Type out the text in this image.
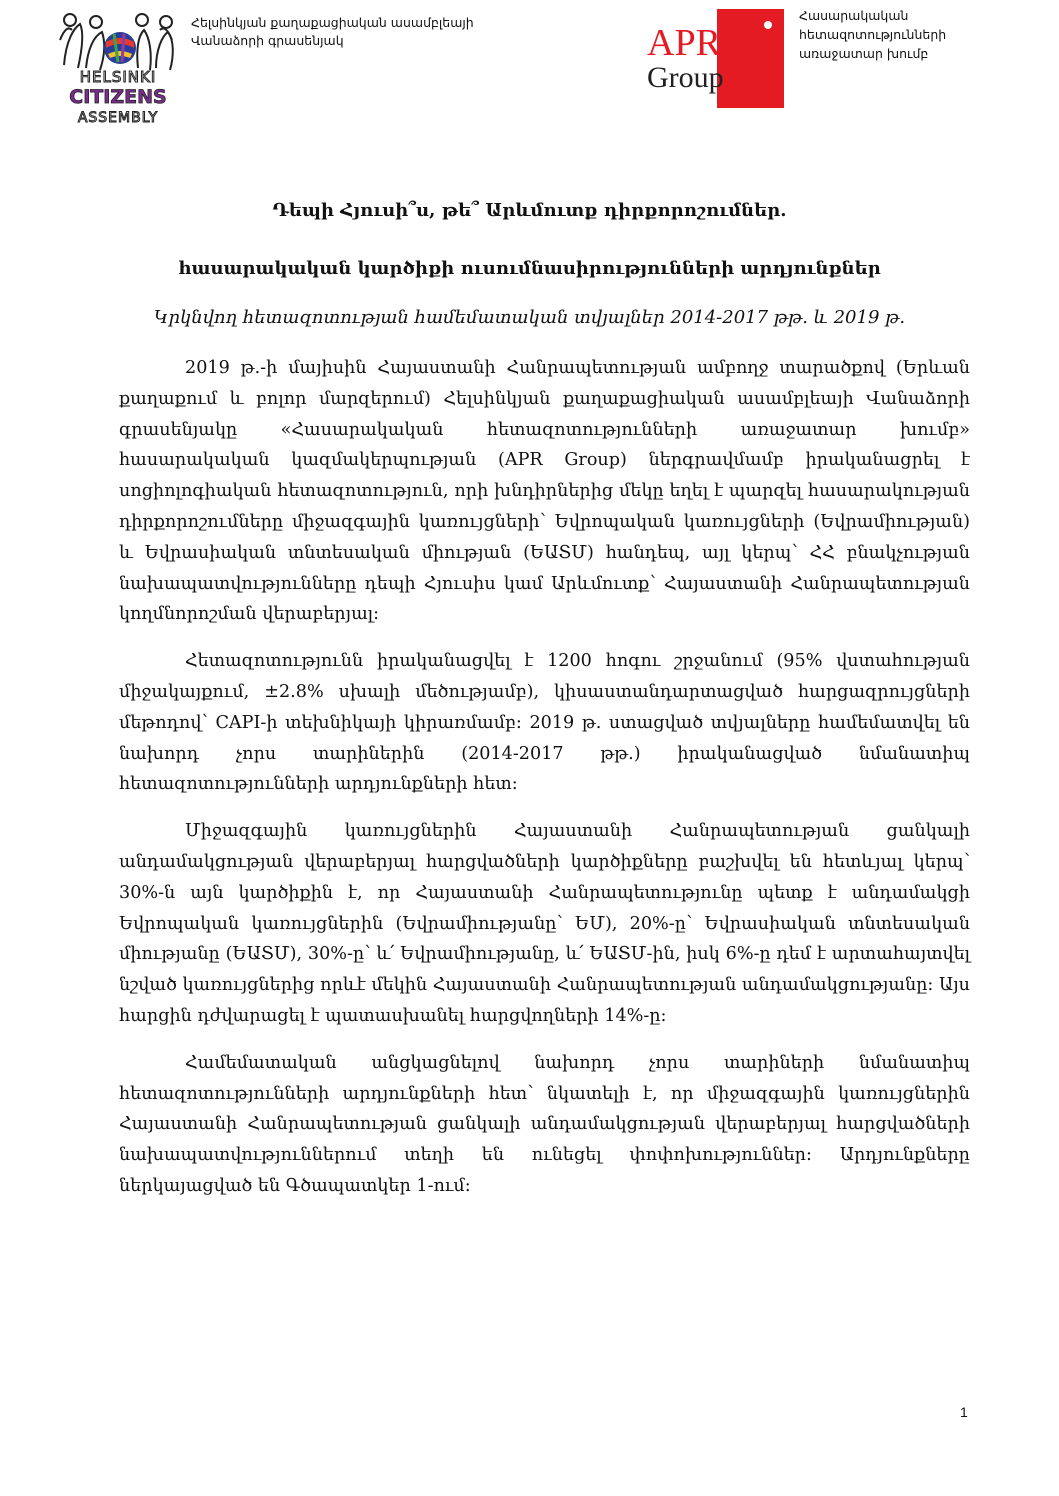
HELSINKI
CITIZENS
ASSEMBLY
Հելսինկյան քաղաքացիական ասամբլեայի
Վանաձորի գրասենյակ	APR
Group
Հասարակական
հետազոտությունների
առաջատար խումբ
Դեպի Հյուսի՞ս, թե՞ Արևմուտք դիրքորոշումներ.
հասարակական կարծիքի ուսումնասիրությունների արդյունքներ
Կրկնվող հետազոտության համեմատական տվյալներ 2014-2017 թթ. և 2019 թ.

2019 թ.-ի մայիսին Հայաստանի Հանրապետության ամբողջ տարածքով (Երևան քաղաքում և բոլոր մարզերում) Հելսինկյան քաղաքացիական ասամբլեայի Վանաձորի գրասենյակը «Հասարակական հետազոտությունների առաջատար խումբ» հասարակական կազմակերպության (APR Group) ներգրավմամբ իրականացրել է սոցիոլոգիական հետազոտություն, որի խնդիրներից մեկը եղել է պարզել հասարակության դիրքորոշումները միջազգային կառույցների՝ Եվրոպական կառույցների (Եվրամիության) և Եվրասիական տնտեսական միության (ԵԱՏՄ) հանդեպ, այլ կերպ՝ ՀՀ բնակչության նախապատվությունները դեպի Հյուսիս կամ Արևմուտք՝ Հայաստանի Հանրապետության կողմնորոշման վերաբերյալ:

Հետազոտությունն իրականացվել է 1200 հոգու շրջանում (95% վստահության միջակայքում, ±2.8% սխալի մեծությամբ), կիսաստանդարտացված հարցազրույցների մեթոդով՝ CAPI-ի տեխնիկայի կիրառմամբ: 2019 թ. ստացված տվյալները համեմատվել են նախորդ չորս տարիներին (2014-2017 թթ.) իրականացված նմանատիպ հետազոտությունների արդյունքների հետ:

Միջազգային կառույցներին Հայաստանի Հանրապետության ցանկալի անդամակցության վերաբերյալ հարցվածների կարծիքները բաշխվել են հետևյալ կերպ՝ 30%-ն այն կարծիքին է, որ Հայաստանի Հանրապետությունը պետք է անդամակցի Եվրոպական կառույցներին (Եվրամիությանը՝ ԵՄ), 20%-ը՝ Եվրասիական տնտեսական միությանը (ԵԱՏՄ), 30%-ը՝ և՛ Եվրամիությանը, և՛ ԵԱՏՄ-ին, իսկ 6%-ը դեմ է արտահայտվել նշված կառույցներից որևէ մեկին Հայաստանի Հանրապետության անդամակցությանը: Այս հարցին դժվարացել է պատասխանել հարցվողների 14%-ը:

Համեմատական անցկացնելով նախորդ չորս տարիների նմանատիպ հետազոտությունների արդյունքների հետ՝ նկատելի է, որ միջազգային կառույցներին Հայաստանի Հանրապետության ցանկալի անդամակցության վերաբերյալ հարցվածների նախապատվություններում տեղի են ունեցել փոփոխություններ: Արդյունքները ներկայացված են Գծապատկեր 1-ում:

1
